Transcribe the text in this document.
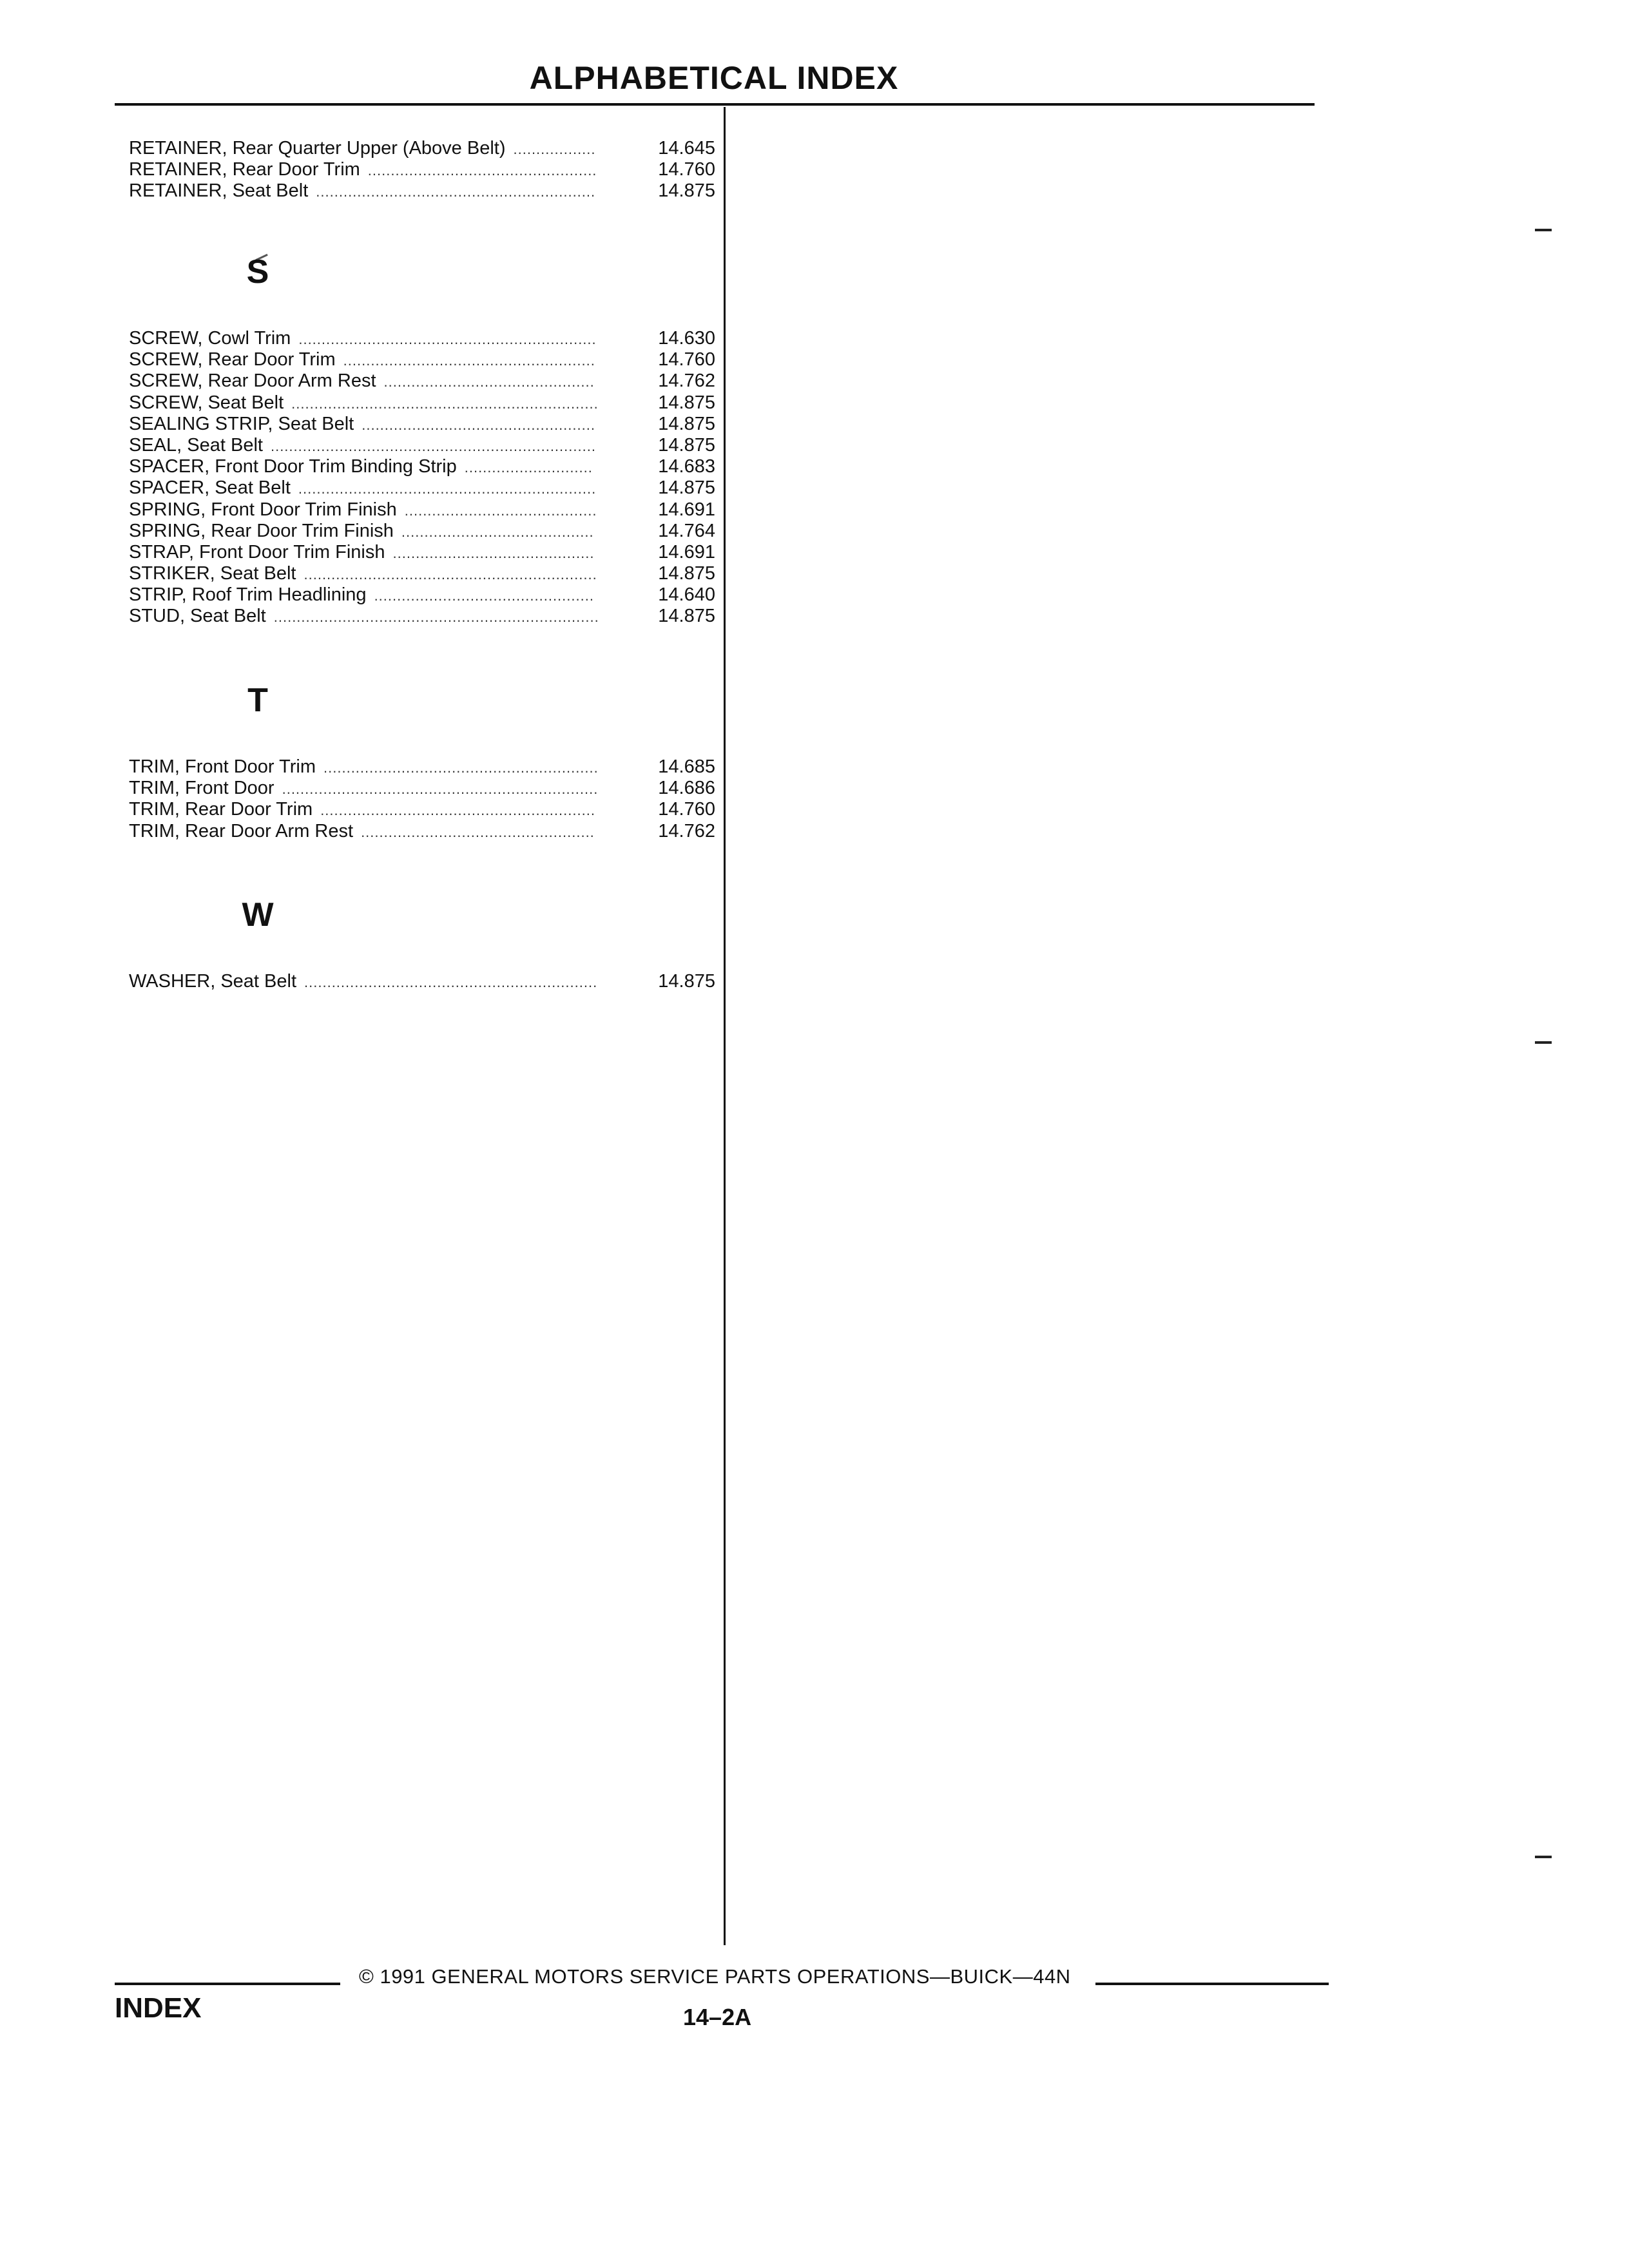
ALPHABETICAL INDEX
RETAINER, Rear Quarter Upper (Above Belt) ..................	14.645
RETAINER, Rear Door Trim ..................................................	14.760
RETAINER, Seat Belt .............................................................	14.875
S
SCREW, Cowl Trim .................................................................	14.630
SCREW, Rear Door Trim .......................................................	14.760
SCREW, Rear Door Arm Rest ..............................................	14.762
SCREW, Seat Belt ...................................................................	14.875
SEALING STRIP, Seat Belt ...................................................	14.875
SEAL, Seat Belt .......................................................................	14.875
SPACER, Front Door Trim Binding Strip ............................	14.683
SPACER, Seat Belt .................................................................	14.875
SPRING, Front Door Trim Finish ..........................................	14.691
SPRING, Rear Door Trim Finish ..........................................	14.764
STRAP, Front Door Trim Finish ............................................	14.691
STRIKER, Seat Belt ................................................................	14.875
STRIP, Roof Trim Headlining ................................................	14.640
STUD, Seat Belt .......................................................................	14.875
T
TRIM, Front Door Trim ............................................................	14.685
TRIM, Front Door .....................................................................	14.686
TRIM, Rear Door Trim ............................................................	14.760
TRIM, Rear Door Arm Rest ...................................................	14.762
W
WASHER, Seat Belt ................................................................	14.875
© 1991 GENERAL MOTORS SERVICE PARTS OPERATIONS—BUICK—44N
INDEX	14–2A
